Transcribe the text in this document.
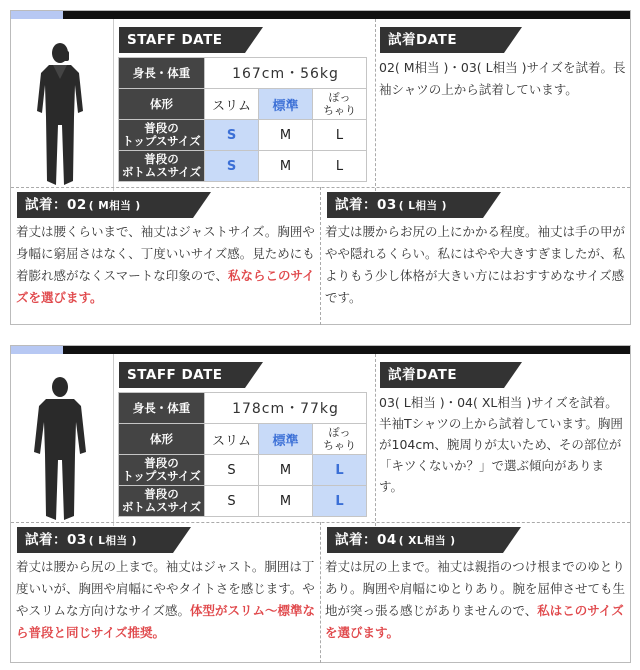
STAFF DATE
身長・体重	167cm・56kg		
体形	スリム	標準	ぽっ
ちゃり
普段の
トップスサイズ	S	M	L
普段の
ボトムスサイズ	S	M	L
試着DATE
02( M相当 )・03( L相当 )サイズを試着。長袖シャツの上から試着しています。
試着：02 ( M相当 )
着丈は腰くらいまで、袖丈はジャストサイズ。胸囲や身幅に窮屈さはなく、丁度いいサイズ感。見ためにも着膨れ感がなくスマートな印象ので、私ならこのサイズを選びます。
試着：03 ( L相当 )
着丈は腰からお尻の上にかかる程度。袖丈は手の甲がやや隠れるくらい。私にはやや大きすぎましたが、私よりもう少し体格が大きい方にはおすすめなサイズ感です。
STAFF DATE
身長・体重	178cm・77kg		
体形	スリム	標準	ぽっ
ちゃり
普段の
トップスサイズ	S	M	L
普段の
ボトムスサイズ	S	M	L
試着DATE
03( L相当 )・04( XL相当 )サイズを試着。半袖Tシャツの上から試着しています。胸囲が104cm、腕周りが太いため、その部位が「キツくないか？」で選ぶ傾向があります。
試着：03 ( L相当 )
着丈は腰から尻の上まで。袖丈はジャスト。胴囲は丁度いいが、胸囲や肩幅にややタイトさを感じます。ややスリムな方向けなサイズ感。体型がスリム～標準なら普段と同じサイズ推奨。
試着：04 ( XL相当 )
着丈は尻の上まで。袖丈は親指のつけ根までのゆとりあり。胸囲や肩幅にゆとりあり。腕を屈伸させても生地が突っ張る感じがありませんので、私はこのサイズを選びます。
